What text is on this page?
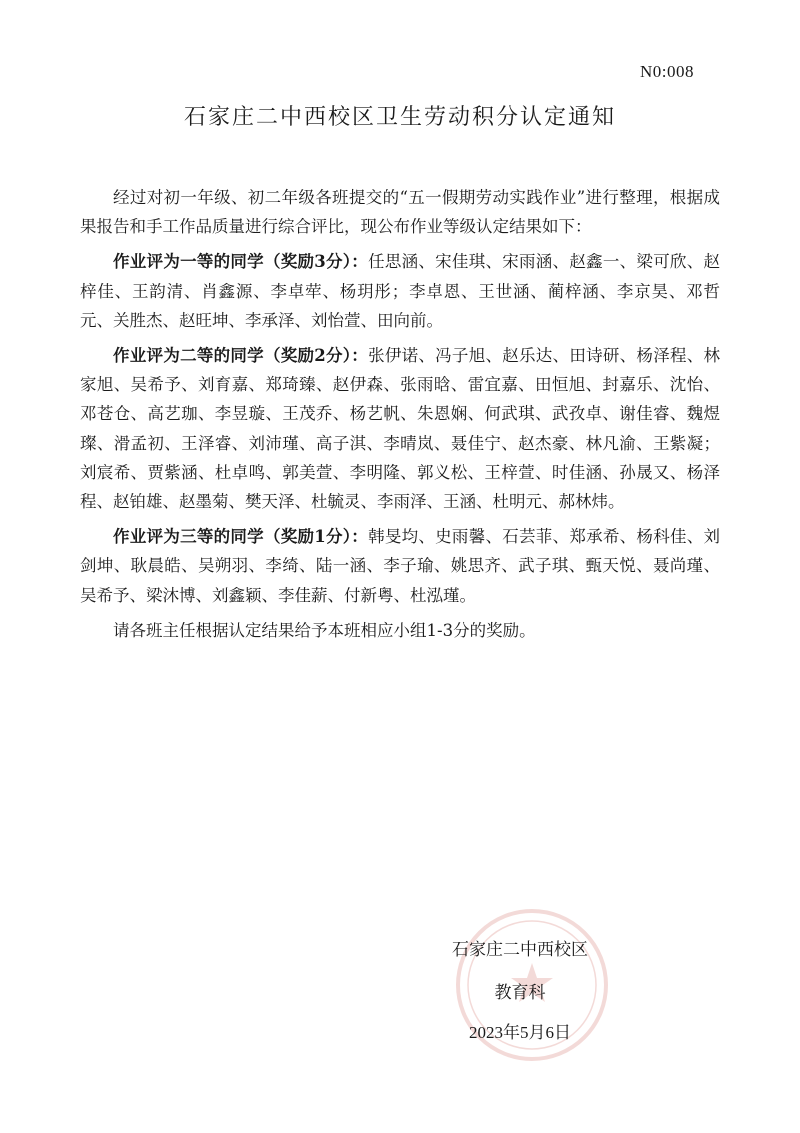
N0:008
石家庄二中西校区卫生劳动积分认定通知

经过对初一年级、初二年级各班提交的“五一假期劳动实践作业”进行整理，根据成果报告和手工作品质量进行综合评比，现公布作业等级认定结果如下：

作业评为一等的同学（奖励3分）：任思涵、宋佳琪、宋雨涵、赵鑫一、梁可欣、赵梓佳、王韵清、肖鑫源、李卓荦、杨玥彤；李卓恩、王世涵、蔺梓涵、李京昊、邓哲元、关胜杰、赵旺坤、李承泽、刘怡萱、田向前。

作业评为二等的同学（奖励2分）：张伊诺、冯子旭、赵乐达、田诗研、杨泽程、林家旭、吴希予、刘育嘉、郑琦臻、赵伊森、张雨晗、雷宜嘉、田恒旭、封嘉乐、沈怡、邓苍仓、高艺珈、李昱璇、王茂乔、杨艺帆、朱恩娴、何武琪、武孜卓、谢佳睿、魏煜璨、滑孟初、王泽睿、刘沛瑾、高子淇、李晴岚、聂佳宁、赵杰豪、林凡渝、王紫凝；刘宸希、贾紫涵、杜卓鸣、郭美萱、李明隆、郭义松、王梓萱、时佳涵、孙晟又、杨泽程、赵铂雄、赵墨菊、樊天泽、杜毓灵、李雨泽、王涵、杜明元、郝林炜。

作业评为三等的同学（奖励1分）：韩旻均、史雨馨、石芸菲、郑承希、杨科佳、刘剑坤、耿晨皓、吴朔羽、李绮、陆一涵、李子瑜、姚思齐、武子琪、甄天悦、聂尚瑾、吴希予、梁沐博、刘鑫颖、李佳薪、付新粤、杜泓瑾。

请各班主任根据认定结果给予本班相应小组1-3分的奖励。

石家庄二中西校区
教育科
2023年5月6日
